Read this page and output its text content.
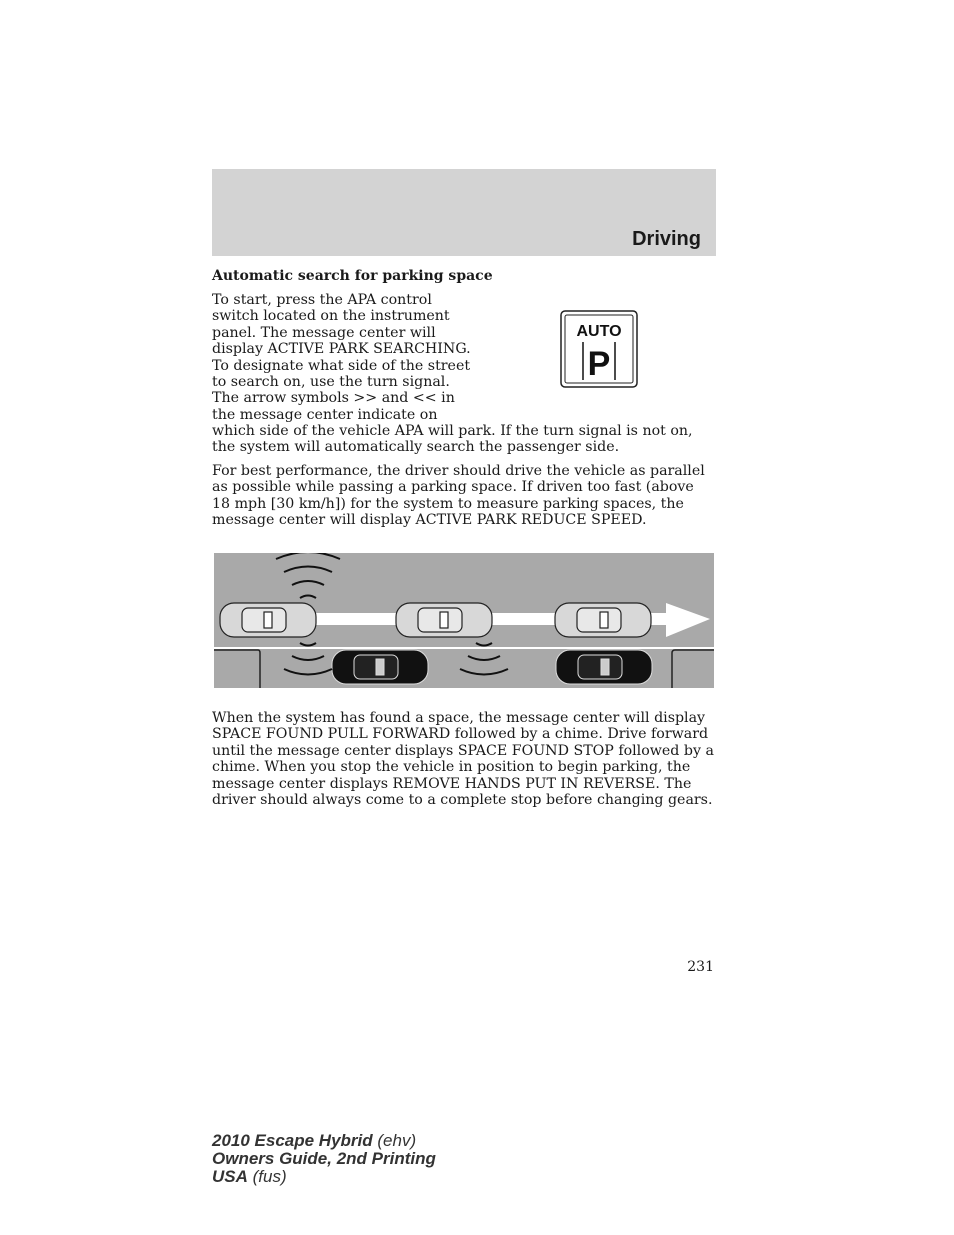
Driving
Automatic search for parking space

To start, press the APA control switch located on the instrument panel. The message center will display ACTIVE PARK SEARCHING. To designate what side of the street to search on, use the turn signal. The arrow symbols >> and << in the message center indicate on

AUTO
P

which side of the vehicle APA will park. If the turn signal is not on, the system will automatically search the passenger side.

For best performance, the driver should drive the vehicle as parallel as possible while passing a parking space. If driven too fast (above 18 mph [30 km/h]) for the system to measure parking spaces, the message center will display ACTIVE PARK REDUCE SPEED.

When the system has found a space, the message center will display SPACE FOUND PULL FORWARD followed by a chime. Drive forward until the message center displays SPACE FOUND STOP followed by a chime. When you stop the vehicle in position to begin parking, the message center displays REMOVE HANDS PUT IN REVERSE. The driver should always come to a complete stop before changing gears.

231
2010 Escape Hybrid (ehv)
Owners Guide, 2nd Printing
USA (fus)
